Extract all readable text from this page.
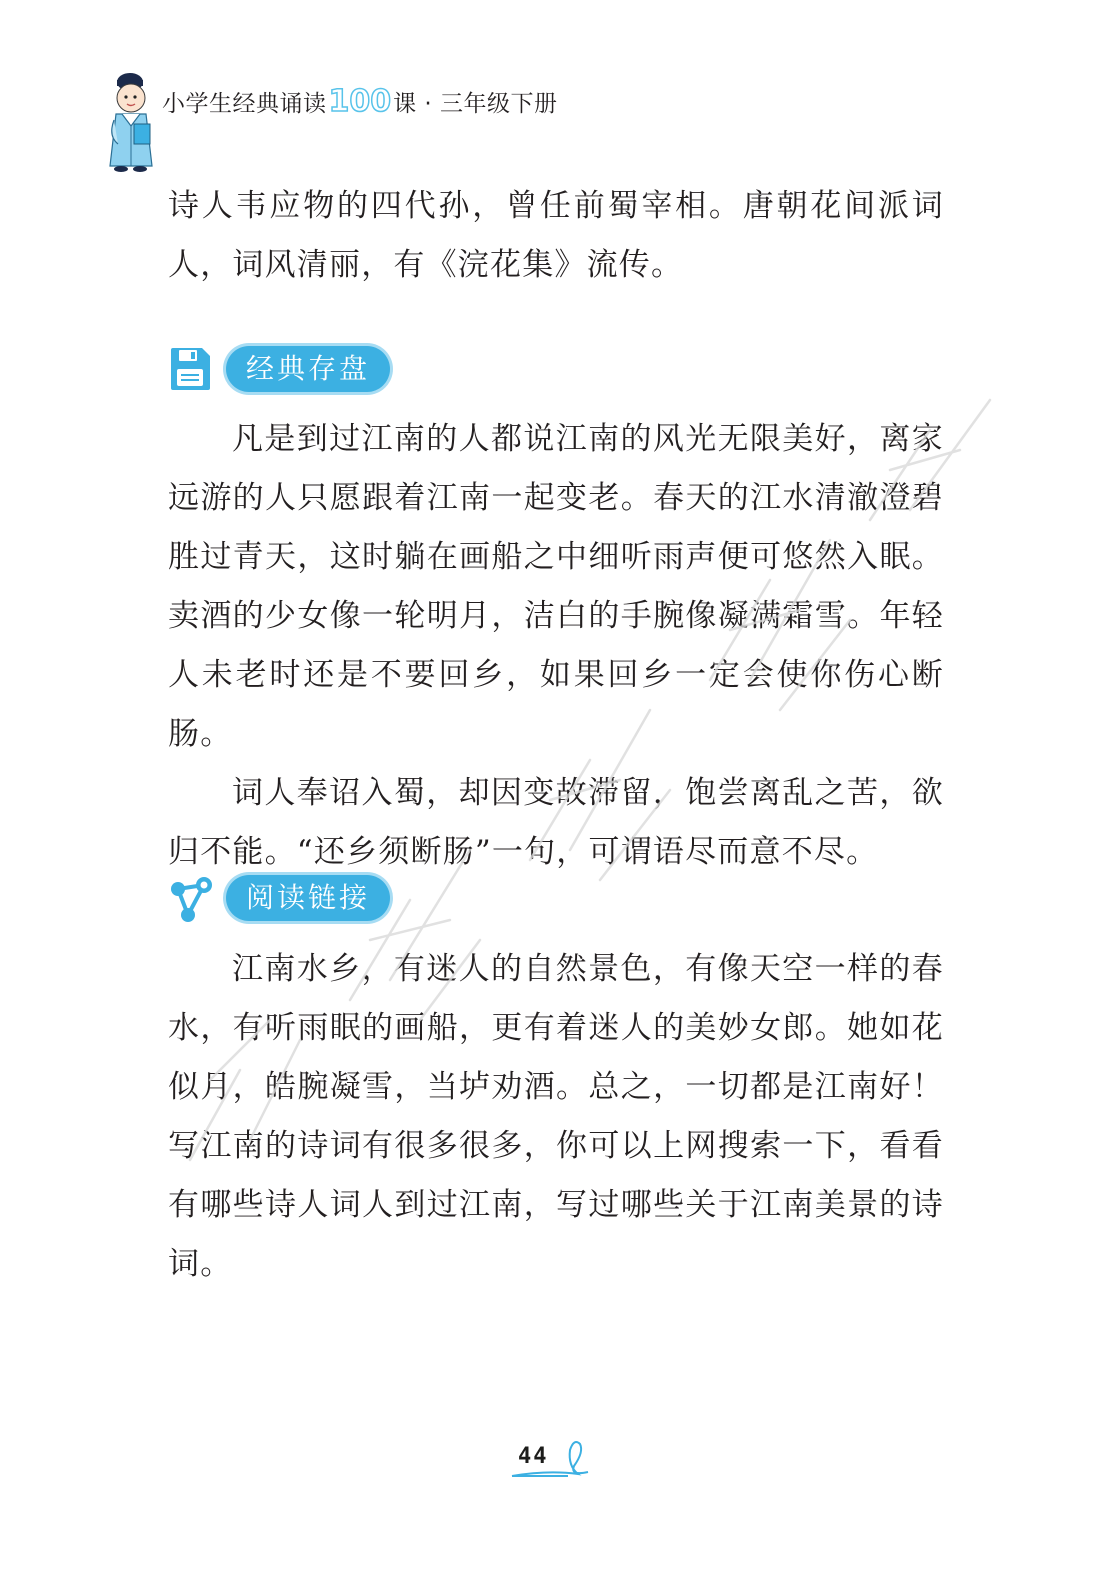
小学生经典诵读100课 · 三年级下册

诗人韦应物的四代孙，曾任前蜀宰相。唐朝花间派词人，词风清丽，有《浣花集》流传。

经典存盘

凡是到过江南的人都说江南的风光无限美好，离家远游的人只愿跟着江南一起变老。春天的江水清澈澄碧胜过青天，这时躺在画船之中细听雨声便可悠然入眠。卖酒的少女像一轮明月，洁白的手腕像凝满霜雪。年轻人未老时还是不要回乡，如果回乡一定会使你伤心断肠。

词人奉诏入蜀，却因变故滞留，饱尝离乱之苦，欲归不能。“还乡须断肠”一句，可谓语尽而意不尽。

阅读链接

江南水乡，有迷人的自然景色，有像天空一样的春水，有听雨眠的画船，更有着迷人的美妙女郎。她如花似月，皓腕凝雪，当垆劝酒。总之，一切都是江南好！写江南的诗词有很多很多，你可以上网搜索一下，看看有哪些诗人词人到过江南，写过哪些关于江南美景的诗词。

44
